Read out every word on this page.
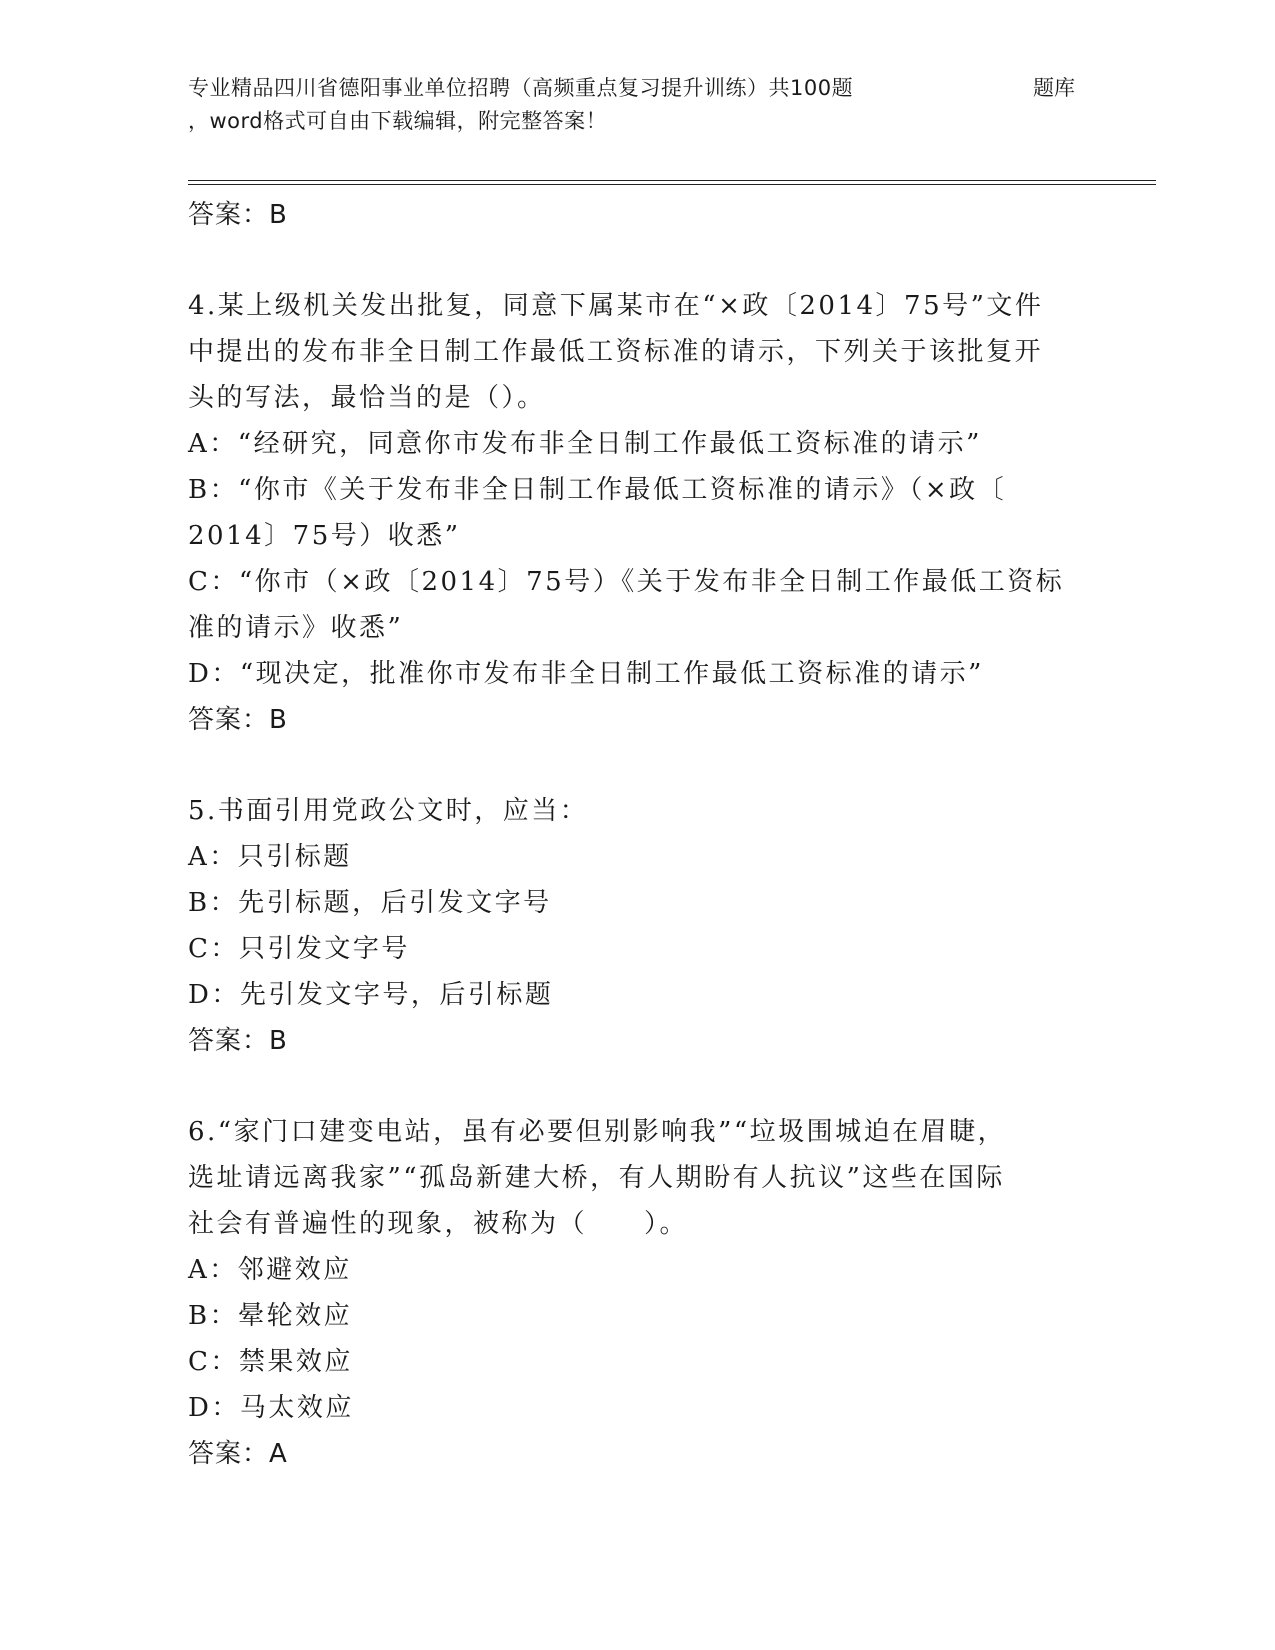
专业精品四川省德阳事业单位招聘（高频重点复习提升训练）共100题	题库
，word格式可自由下载编辑，附完整答案！
答案：B

4.某上级机关发出批复，同意下属某市在“×政〔2014〕75号”文件

中提出的发布非全日制工作最低工资标准的请示，下列关于该批复开

头的写法，最恰当的是（）。

A：“经研究，同意你市发布非全日制工作最低工资标准的请示”

B：“你市《关于发布非全日制工作最低工资标准的请示》（×政〔

2014〕75号）收悉”

C：“你市（×政〔2014〕75号）《关于发布非全日制工作最低工资标

准的请示》收悉”

D：“现决定，批准你市发布非全日制工作最低工资标准的请示”

答案：B

5.书面引用党政公文时，应当：

A：只引标题

B：先引标题，后引发文字号

C：只引发文字号

D：先引发文字号，后引标题

答案：B

6.“家门口建变电站，虽有必要但别影响我”“垃圾围城迫在眉睫，

选址请远离我家”“孤岛新建大桥，有人期盼有人抗议”这些在国际

社会有普遍性的现象，被称为（　　）。

A：邻避效应

B：晕轮效应

C：禁果效应

D：马太效应

答案：A
